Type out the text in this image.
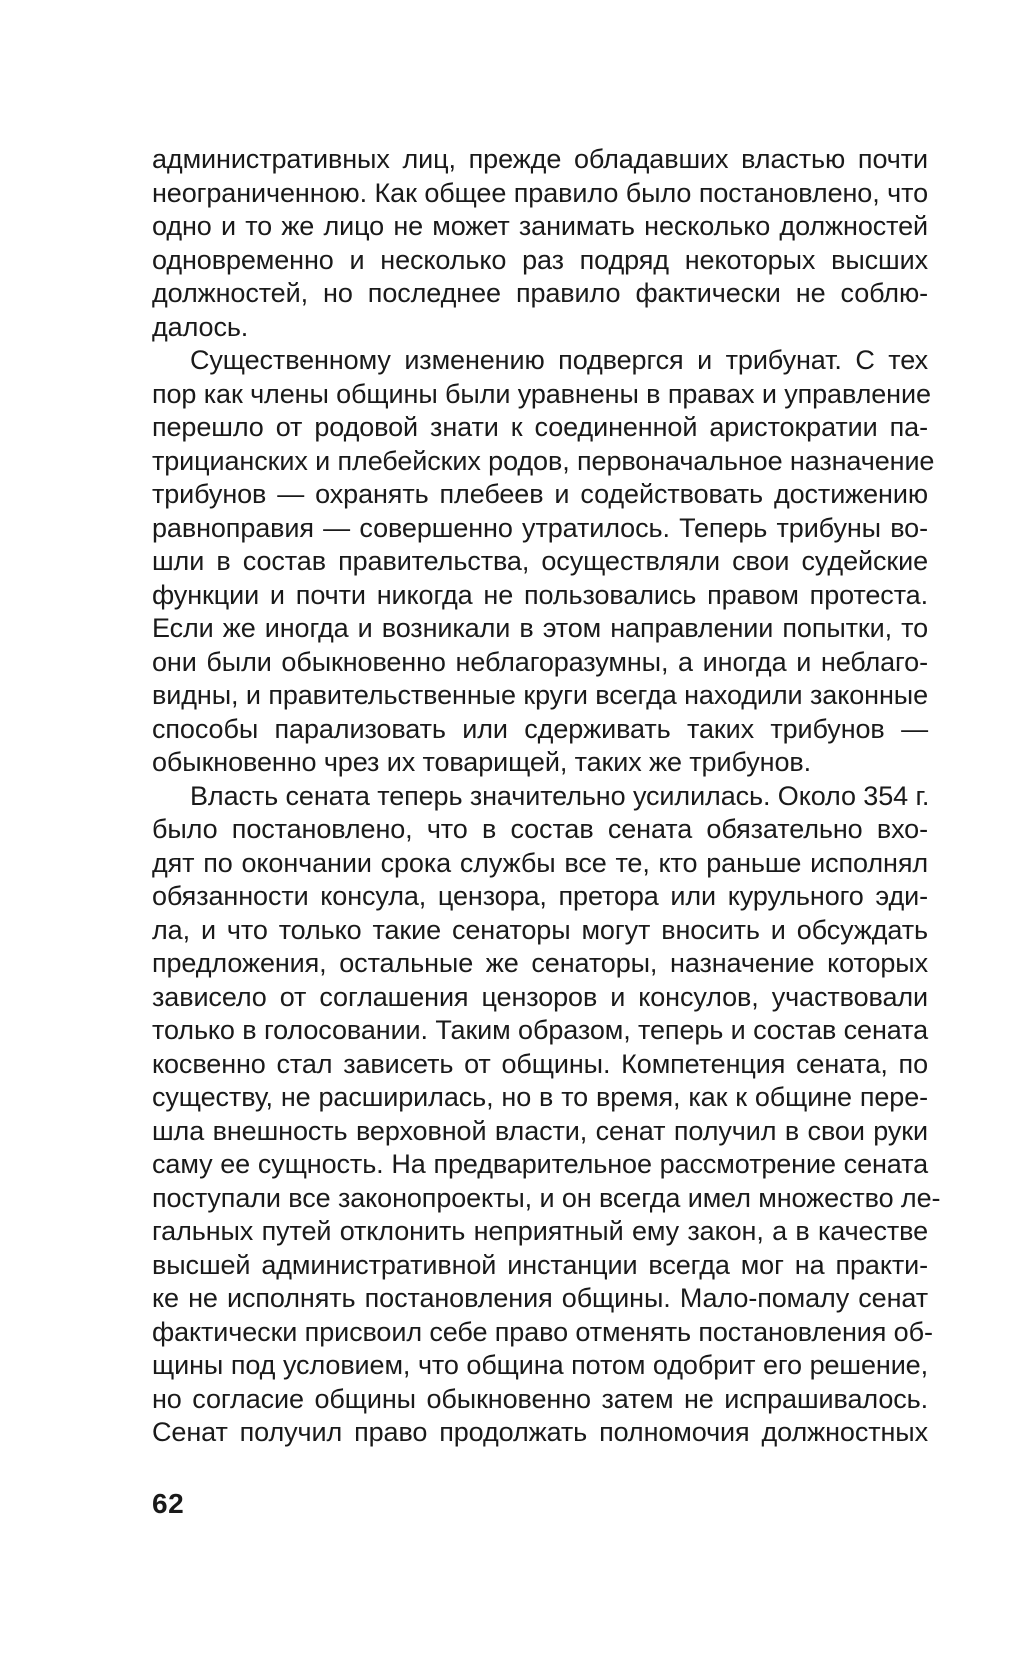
административных лиц, прежде обладавших властью почти
неограниченною. Как общее правило было постановлено, что
одно и то же лицо не может занимать несколько должностей
одновременно и несколько раз подряд некоторых высших
должностей, но последнее правило фактически не соблю-
далось.
Существенному изменению подвергся и трибунат. С тех
пор как члены общины были уравнены в правах и управление
перешло от родовой знати к соединенной аристократии па-
трицианских и плебейских родов, первоначальное назначение
трибунов — охранять плебеев и содействовать достижению
равноправия — совершенно утратилось. Теперь трибуны во-
шли в состав правительства, осуществляли свои судейские
функции и почти никогда не пользовались правом протеста.
Если же иногда и возникали в этом направлении попытки, то
они были обыкновенно неблагоразумны, а иногда и неблаго-
видны, и правительственные круги всегда находили законные
способы парализовать или сдерживать таких трибунов —
обыкновенно чрез их товарищей, таких же трибунов.
Власть сената теперь значительно усилилась. Около 354 г.
было постановлено, что в состав сената обязательно вхо-
дят по окончании срока службы все те, кто раньше исполнял
обязанности консула, цензора, претора или курульного эди-
ла, и что только такие сенаторы могут вносить и обсуждать
предложения, остальные же сенаторы, назначение которых
зависело от соглашения цензоров и консулов, участвовали
только в голосовании. Таким образом, теперь и состав сената
косвенно стал зависеть от общины. Компетенция сената, по
существу, не расширилась, но в то время, как к общине пере-
шла внешность верховной власти, сенат получил в свои руки
саму ее сущность. На предварительное рассмотрение сената
поступали все законопроекты, и он всегда имел множество ле-
гальных путей отклонить неприятный ему закон, а в качестве
высшей административной инстанции всегда мог на практи-
ке не исполнять постановления общины. Мало-помалу сенат
фактически присвоил себе право отменять постановления об-
щины под условием, что община потом одобрит его решение,
но согласие общины обыкновенно затем не испрашивалось.
Сенат получил право продолжать полномочия должностных
62
